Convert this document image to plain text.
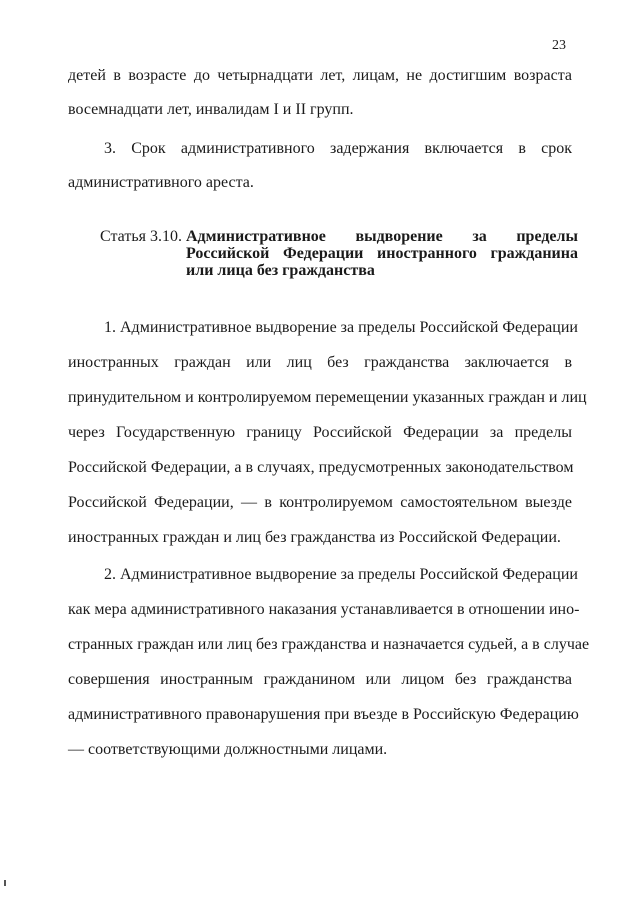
23
детей в возрасте до четырнадцати лет, лицам, не достигшим возраста
восемнадцати лет, инвалидам I и II групп.
3. Срок административного задержания включается в срок
административного ареста.
Статья 3.10. Административное выдворение за пределы Российской Федерации иностранного гражданина или лица без гражданства
1. Административное выдворение за пределы Российской Федерации
иностранных граждан или лиц без гражданства заключается в
принудительном и контролируемом перемещении указанных граждан и лиц
через Государственную границу Российской Федерации за пределы
Российской Федерации, а в случаях, предусмотренных законодательством
Российской Федерации, — в контролируемом самостоятельном выезде
иностранных граждан и лиц без гражданства из Российской Федерации.
2. Административное выдворение за пределы Российской Федерации
как мера административного наказания устанавливается в отношении ино-
странных граждан или лиц без гражданства и назначается судьей, а в случае
совершения иностранным гражданином или лицом без гражданства
административного правонарушения при въезде в Российскую Федерацию
— соответствующими должностными лицами.
